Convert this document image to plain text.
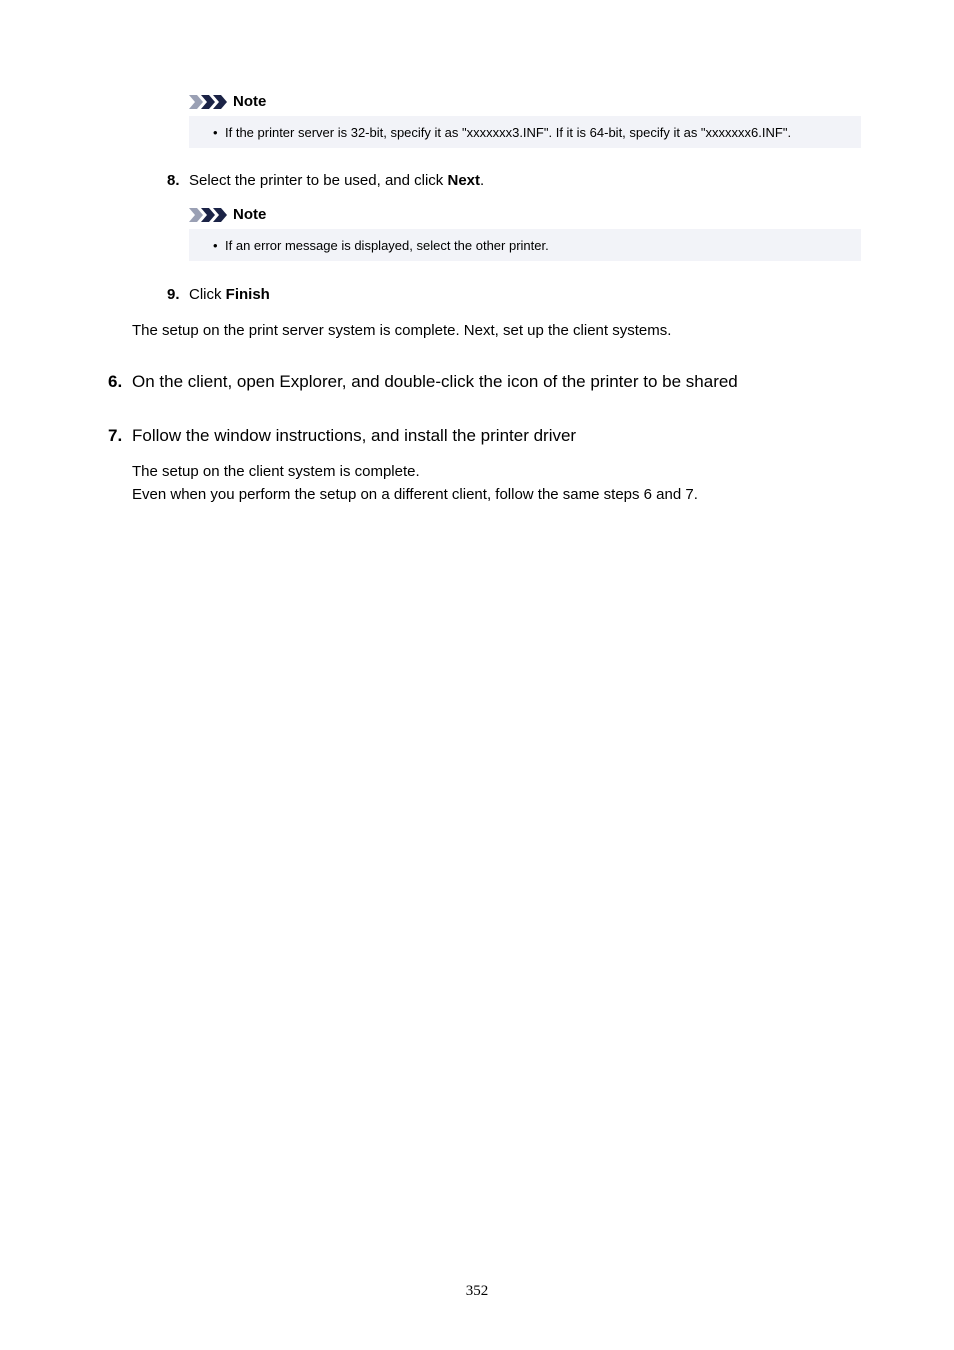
Note
• If the printer server is 32-bit, specify it as "xxxxxxx3.INF". If it is 64-bit, specify it as "xxxxxxx6.INF".
8. Select the printer to be used, and click Next.
Note
• If an error message is displayed, select the other printer.
9. Click Finish
The setup on the print server system is complete. Next, set up the client systems.
6. On the client, open Explorer, and double-click the icon of the printer to be shared
7. Follow the window instructions, and install the printer driver
The setup on the client system is complete.
Even when you perform the setup on a different client, follow the same steps 6 and 7.
352
